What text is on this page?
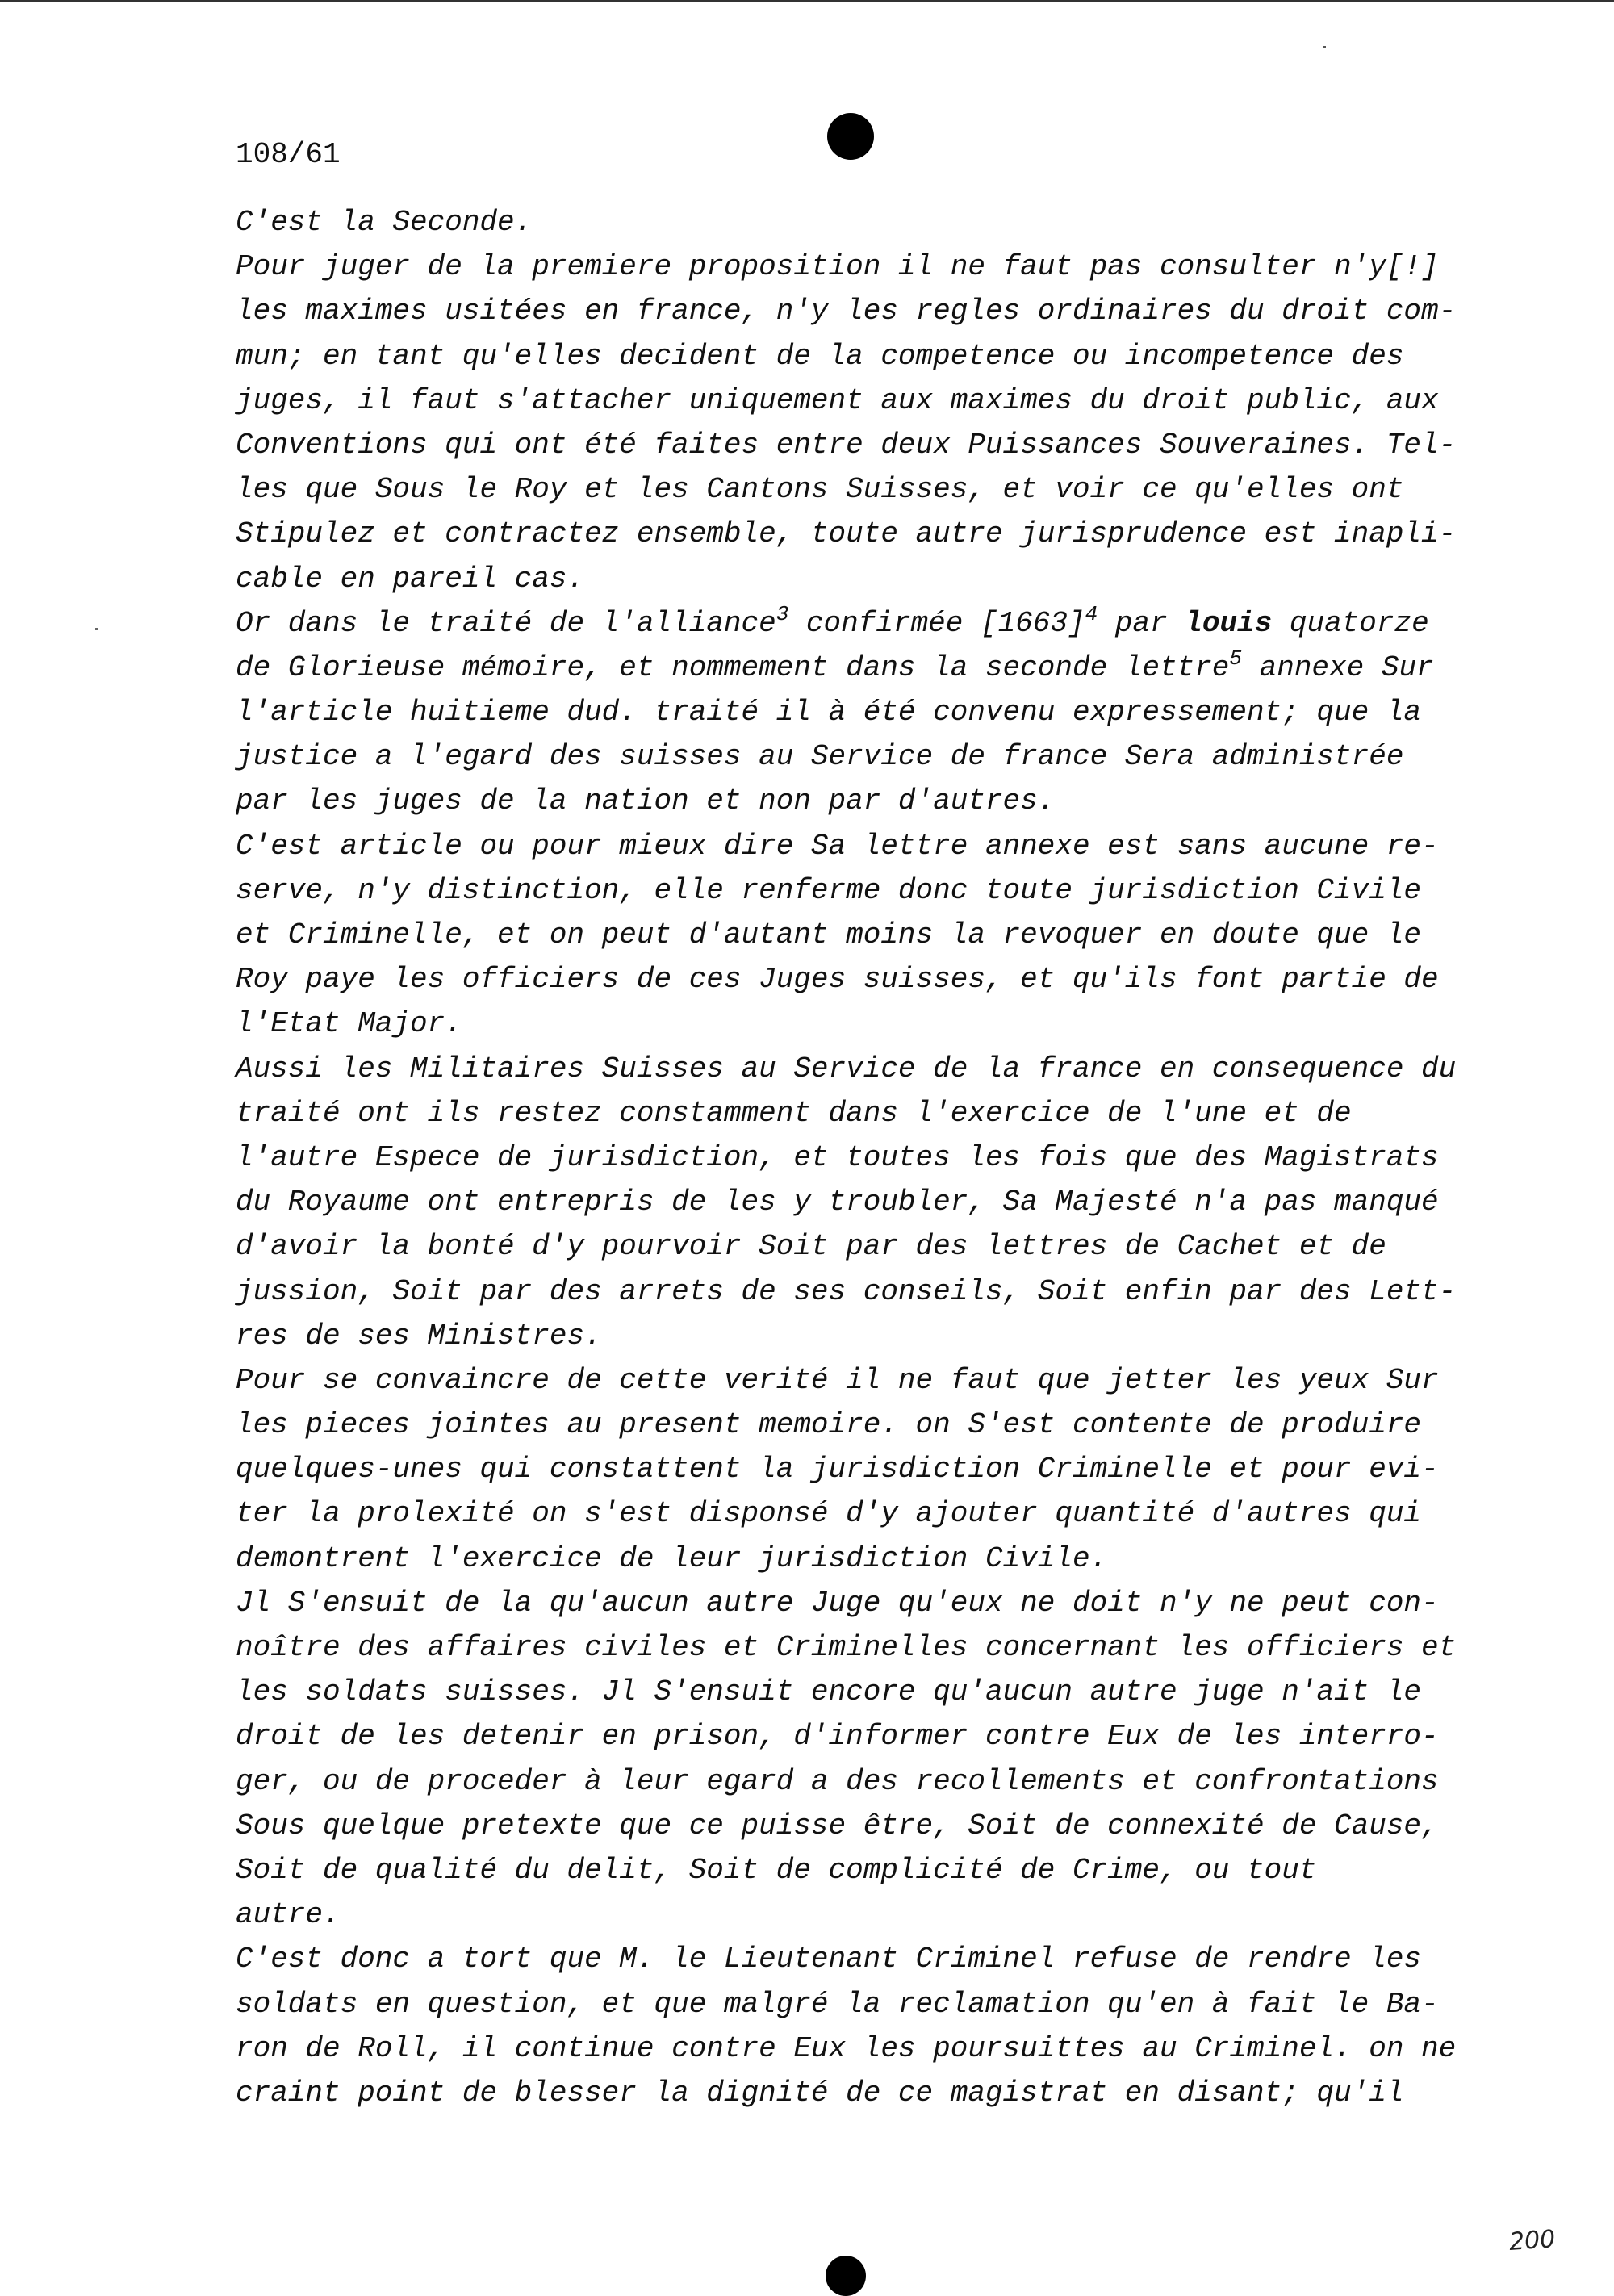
108/61
C'est la Seconde.
Pour juger de la premiere proposition il ne faut pas consulter n'y[!]
les maximes usitées en france, n'y les regles ordinaires du droit com-
mun; en tant qu'elles decident de la competence ou incompetence des
juges, il faut s'attacher uniquement aux maximes du droit public, aux
Conventions qui ont été faites entre deux Puissances Souveraines. Tel-
les que Sous le Roy et les Cantons Suisses, et voir ce qu'elles ont
Stipulez et contractez ensemble, toute autre jurisprudence est inapli-
cable en pareil cas.
Or dans le traité de l'alliance$^3$ confirmée $[1663]^4$ par louis quatorze
de Glorieuse mémoire, et nommement dans la seconde lettre$^5$ annexe Sur
l'article huitieme dud. traité il à été convenu expressement; que la
justice a l'egard des suisses au Service de france Sera administrée
par les juges de la nation et non par d'autres.
C'est article ou pour mieux dire Sa lettre annexe est sans aucune re-
serve, n'y distinction, elle renferme donc toute jurisdiction Civile
et Criminelle, et on peut d'autant moins la revoquer en doute que le
Roy paye les officiers de ces Juges suisses, et qu'ils font partie de
l'Etat Major.
Aussi les Militaires Suisses au Service de la france en consequence du
traité ont ils restez constamment dans l'exercice de l'une et de
l'autre Espece de jurisdiction, et toutes les fois que des Magistrats
du Royaume ont entrepris de les y troubler, Sa Majesté n'a pas manqué
d'avoir la bonté d'y pourvoir Soit par des lettres de Cachet et de
jussion, Soit par des arrets de ses conseils, Soit enfin par des Lett-
res de ses Ministres.
Pour se convaincre de cette verité il ne faut que jetter les yeux Sur
les pieces jointes au present memoire. on S'est contente de produire
quelques-unes qui constattent la jurisdiction Criminelle et pour evi-
ter la prolexité on s'est disponsé d'y ajouter quantité d'autres qui
demontrent l'exercice de leur jurisdiction Civile.
Jl S'ensuit de la qu'aucun autre Juge qu'eux ne doit n'y ne peut con-
noître des affaires civiles et Criminelles concernant les officiers et
les soldats suisses. Jl S'ensuit encore qu'aucun autre juge n'ait le
droit de les detenir en prison, d'informer contre Eux de les interro-
ger, ou de proceder à leur egard a des recollements et confrontations
Sous quelque pretexte que ce puisse être, Soit de connexité de Cause,
Soit de qualité du delit, Soit de complicité de Crime, ou tout
autre.
C'est donc a tort que M. le Lieutenant Criminel refuse de rendre les
soldats en question, et que malgré la reclamation qu'en à fait le Ba-
ron de Roll, il continue contre Eux les poursuittes au Criminel. on ne
craint point de blesser la dignité de ce magistrat en disant; qu'il
200
